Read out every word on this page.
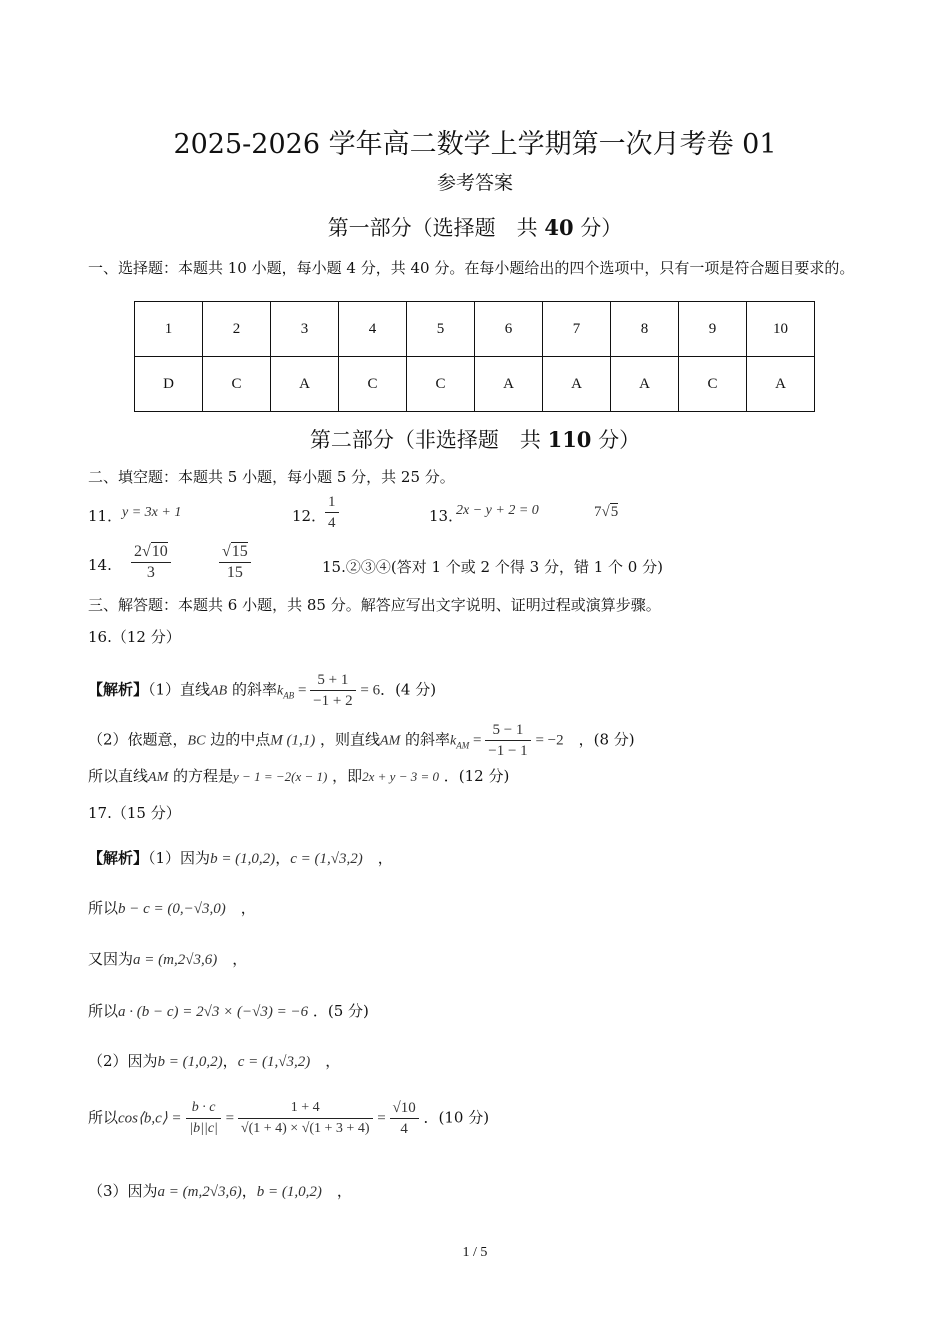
2025-2026 学年高二数学上学期第一次月考卷 01
参考答案
第一部分（选择题　共 40 分）
一、选择题：本题共 10 小题，每小题 4 分，共 40 分。在每小题给出的四个选项中，只有一项是符合题目要求的。
1	2	3	4	5	6	7	8	9	10
D	C	A	C	C	A	A	A	C	A
第二部分（非选择题　共 110 分）
二、填空题：本题共 5 小题，每小题 5 分，共 25 分。
11． y = 3x + 1	12．
$\frac{1}{4}$	13．
2x − y + 2 = 0	7√5
14. $\frac{2√10}{3}$	$\frac{√15}{15}$	15.②③④(答对 1 个或 2 个得 3 分，错 1 个 0 分)
三、解答题：本题共 6 小题，共 85 分。解答应写出文字说明、证明过程或演算步骤。
16.（12 分）
【解析】（1）直线AB 的斜率$k_{AB} = \frac{5 + 1}{-1 + 2} = 6$．(4 分)
（2）依题意，BC 边的中点M (1,1) ，则直线AM 的斜率$k_{AM} = \frac{5 - 1}{-1 - 1} = -2$　 ，(8 分)
所以直线AM 的方程是y − 1 = −2(x − 1) ，即2x + y − 3 = 0 ．(12 分)
17.（15 分）
【解析】（1）因为b = (1,0,2)，c = (1,√3,2)　 ，
所以b − c = (0,−√3,0)　 ，
又因为a = (m,2√3,6)　 ，
所以a · (b − c) = 2√3 × (−√3) = −6 ．(5 分)
（2）因为b = (1,0,2)，c = (1,√3,2)　 ，
所以cos⟨b,c⟩ = $\frac{b \cdot c}{|b||c|} = \frac{1 + 4}{√(1 + 4) \times √(1 + 3 + 4)} = \frac{√10}{4}$ ．(10 分)
（3）因为a = (m,2√3,6)，b = (1,0,2)　 ，
1 / 5
